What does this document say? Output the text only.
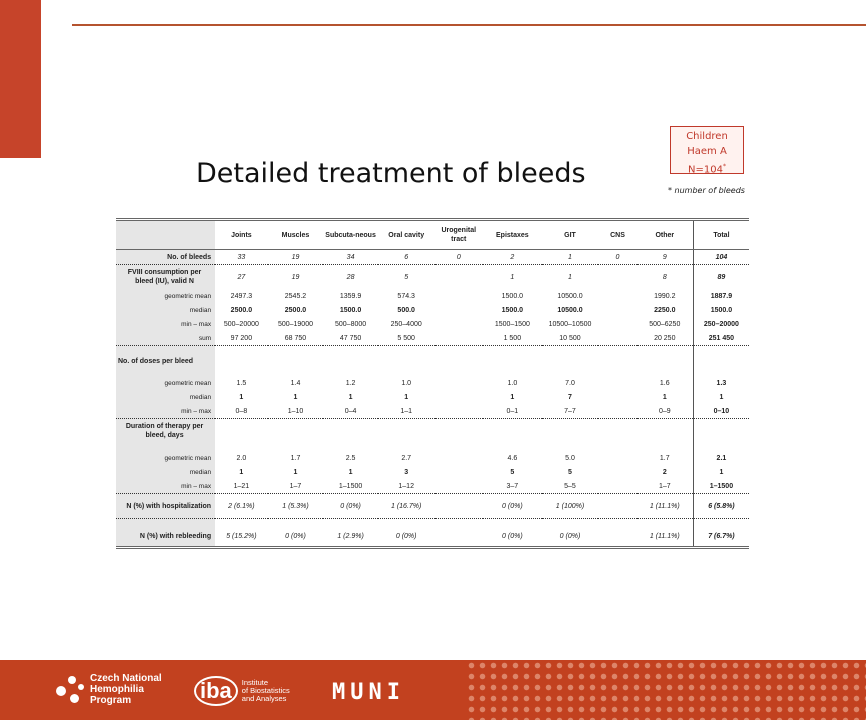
Detailed treatment of bleeds
Children
Haem A
N=104*
* number of bleeds
	Joints	Muscles	Subcuta-neous	Oral cavity	Urogenital tract	Epistaxes	GIT	CNS	Other	Total
No. of bleeds	33	19	34	6	0	2	1	0	9	104
FVIII consumption per bleed (IU), valid N	27	19	28	5		1	1		8	89
geometric mean	2497.3	2545.2	1359.9	574.3		1500.0	10500.0		1990.2	1887.9
median	2500.0	2500.0	1500.0	500.0		1500.0	10500.0		2250.0	1500.0
min – max	500–20000	500–19000	500–8000	250–4000		1500–1500	10500–10500		500–6250	250–20000
sum	97 200	68 750	47 750	5 500		1 500	10 500		20 250	251 450

No. of doses per bleed										

geometric mean	1.5	1.4	1.2	1.0		1.0	7.0		1.6	1.3
median	1	1	1	1		1	7		1	1
min – max	0–8	1–10	0–4	1–1		0–1	7–7		0–9	0–10
Duration of therapy per bleed, days										

geometric mean	2.0	1.7	2.5	2.7		4.6	5.0		1.7	2.1
median	1	1	1	3		5	5		2	1
min – max	1–21	1–7	1–1500	1–12		3–7	5–5		1–7	1–1500
N (%) with hospitalization	2 (6.1%)	1 (5.3%)	0 (0%)	1 (16.7%)		0 (0%)	1 (100%)		1 (11.1%)	6 (5.8%)

N (%) with rebleeding	5 (15.2%)	0 (0%)	1 (2.9%)	0 (0%)		0 (0%)	0 (0%)		1 (11.1%)	7 (6.7%)
Czech National
Hemophilia
Program	iba	Institute
of Biostatistics
and Analyses MUNI
